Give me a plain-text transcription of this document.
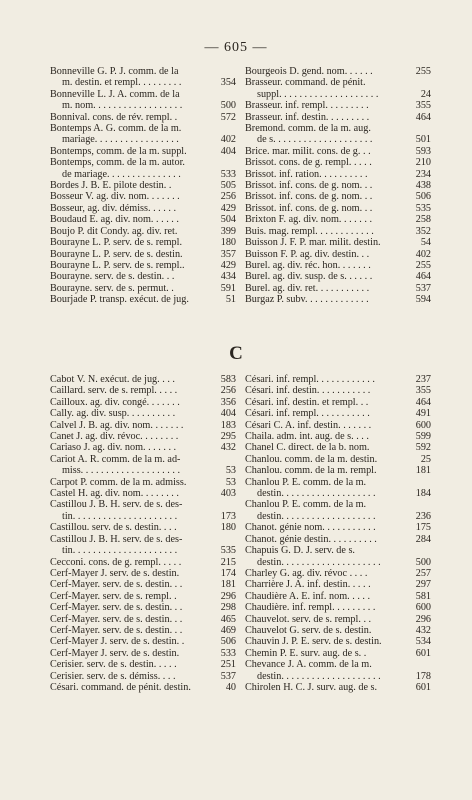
— 605 —
Bonneville G. P. J. comm. de la
m. destin. et rempl. . . . . . . . .	354
Bonneville L. J. A. comm. de la
m. nom. . . . . . . . . . . . . . . . . .	500
Bonnival. cons. de rév. rempl. .	572
Bontemps A. G. comm. de la m.
mariage. . . . . . . . . . . . . . . . .	402
Bontemps, comm. de la m. suppl.	404
Bontemps, comm. de la m. autor.
de mariage. . . . . . . . . . . . . . .	533
Bordes J. B. E. pilote destin. .	505
Bosseur V. ag. div. nom. . . . . . .	256
Bosseur, ag. div. démiss. . . . . .	429
Boudaud E. ag. div. nom. . . . . .	504
Boujo P. dit Condy. ag. div. ret.	399
Bourayne L. P. serv. de s. rempl.	180
Bourayne L. P. serv. de s. destin.	357
Bourayne L. P. serv. de s. rempl..	429
Bourayne. serv. de s. destin. . .	434
Bourayne. serv. de s. permut. .	591
Bourjade P. transp. exécut. de jug.	51
Bourgeois D. gend. nom. . . . . .	255
Brasseur. command. de pénit.
suppl. . . . . . . . . . . . . . . . . . . .	24
Brasseur. inf. rempl. . . . . . . . .	355
Brasseur. inf. destin. . . . . . . . .	464
Bremond. comm. de la m. aug.
de s. . . . . . . . . . . . . . . . . . . .	501
Brice. mar. milit. cons. de g. . .	593
Brissot. cons. de g. rempl. . . . .	210
Brissot. inf. ration. . . . . . . . . .	234
Brissot. inf. cons. de g. nom. . .	438
Brissot. inf. cons. de g. nom. . .	506
Brissot. inf. cons. de g. nom. . .	535
Brixton F. ag. div. nom. . . . . . .	258
Buis. mag. rempl. . . . . . . . . . . .	352
Buisson J. F. P. mar. milit. destin.	54
Buisson F. P. ag. div. destin. . .	402
Burel. ag. div. réc. hon. . . . . . .	255
Burel. ag. div. susp. de s. . . . . .	464
Burel. ag. div. ret. . . . . . . . . . .	537
Burgaz P. subv. . . . . . . . . . . . .	594
C
Cabot V. N. exécut. de jug. . . .	583
Caillard. serv. de s. rempl. . . . .	256
Cailloux. ag. div. congé. . . . . . .	356
Cally. ag. div. susp. . . . . . . . . .	404
Calvel J. B. ag. div. nom. . . . . . .	183
Canet J. ag. div. révoc. . . . . . . .	295
Cariaso J. ag. div. nom. . . . . . .	432
Cariot A. R. comm. de la m. ad-
miss. . . . . . . . . . . . . . . . . . . .	53
Carpot P. comm. de la m. admiss.	53
Castel H. ag. div. nom. . . . . . . .	403
Castillou J. B. H. serv. de s. des-
tin. . . . . . . . . . . . . . . . . . . . .	173
Castillou. serv. de s. destin. . . .	180
Castillou J. B. H. serv. de s. des-
tin. . . . . . . . . . . . . . . . . . . . .	535
Cecconi. cons. de g. rempl. . . . .	215
Cerf-Mayer J. serv. de s. destin.	174
Cerf-Mayer. serv. de s. destin. . .	181
Cerf-Mayer. serv. de s. rempl. .	296
Cerf-Mayer. serv. de s. destin. . .	298
Cerf-Mayer. serv. de s. destin. . .	465
Cerf-Mayer. serv. de s. destin. . .	469
Cerf-Mayer J. serv. de s. destin. .	506
Cerf-Mayer J. serv. de s. destin.	533
Cerisier. serv. de s. destin. . . . .	251
Cerisier. serv. de s. démiss. . . .	537
Césari. command. de pénit. destin.	40
Césari. inf. rempl. . . . . . . . . . . .	237
Césari. inf. destin. . . . . . . . . . .	355
Césari. inf. destin. et rempl. . .	464
Césari. inf. rempl. . . . . . . . . . .	491
Césari C. A. inf. destin. . . . . . .	600
Chaila. adm. int. aug. de s. . . .	599
Chanel C. direct. de la b. nom.	592
Chanlou. comm. de la m. destin.	25
Chanlou. comm. de la m. rempl.	181
Chanlou P. E. comm. de la m.
destin. . . . . . . . . . . . . . . . . . .	184
Chanlou P. E. comm. de la m.
destin. . . . . . . . . . . . . . . . . . .	236
Chanot. génie nom. . . . . . . . . . .	175
Chanot. génie destin. . . . . . . . . .	284
Chapuis G. D. J. serv. de s.
destin. . . . . . . . . . . . . . . . . . . .	500
Charley G. ag. div. révoc . . . .	257
Charrière J. A. inf. destin. . . . .	297
Chaudière A. E. inf. nom. . . . .	581
Chaudière. inf. rempl. . . . . . . . .	600
Chauvelot. serv. de s. rempl. . .	296
Chauvelot G. serv. de s. destin.	432
Chauvin J. P. E. serv. de s. destin.	534
Chemin P. E. surv. aug. de s. .	601
Chevance J. A. comm. de la m.
destin. . . . . . . . . . . . . . . . . . . .	178
Chirolen H. C. J. surv. aug. de s.	601
